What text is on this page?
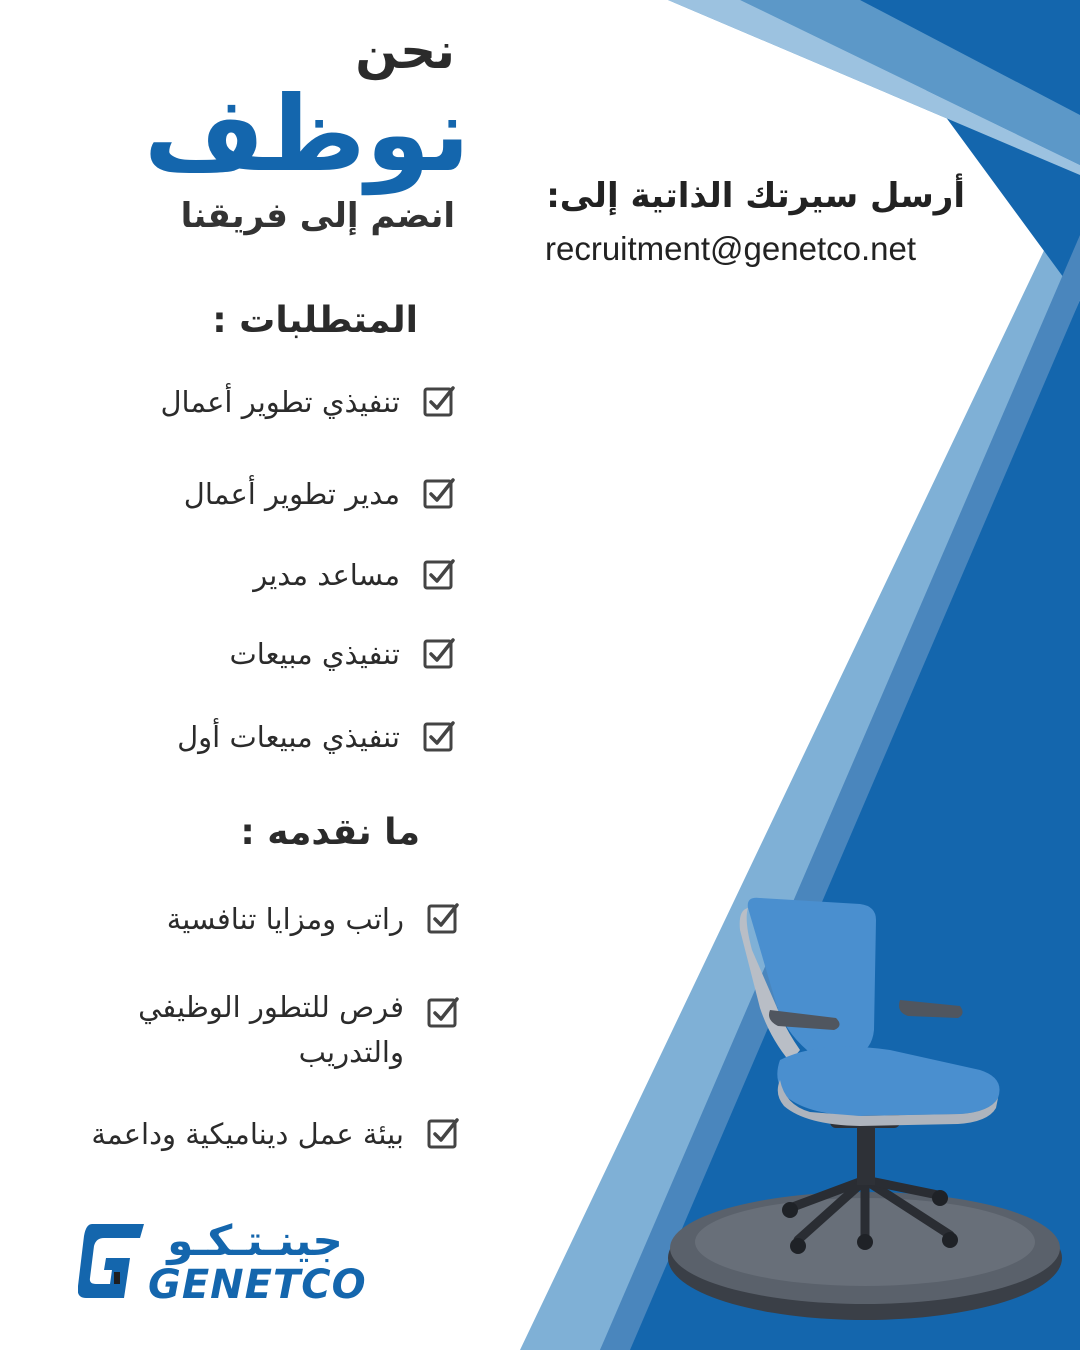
نحن
نوظف
انضم إلى فريقنا	أرسل سيرتك الذاتية إلى:
recruitment@genetco.net
المتطلبات :
تنفيذي تطوير أعمال
مدير تطوير أعمال
مساعد مدير
تنفيذي مبيعات
تنفيذي مبيعات أول
ما نقدمه :
راتب ومزايا تنافسية
فرص للتطور الوظيفي والتدريب
بيئة عمل ديناميكية وداعمة
جينـتـكـو
GENETCO
